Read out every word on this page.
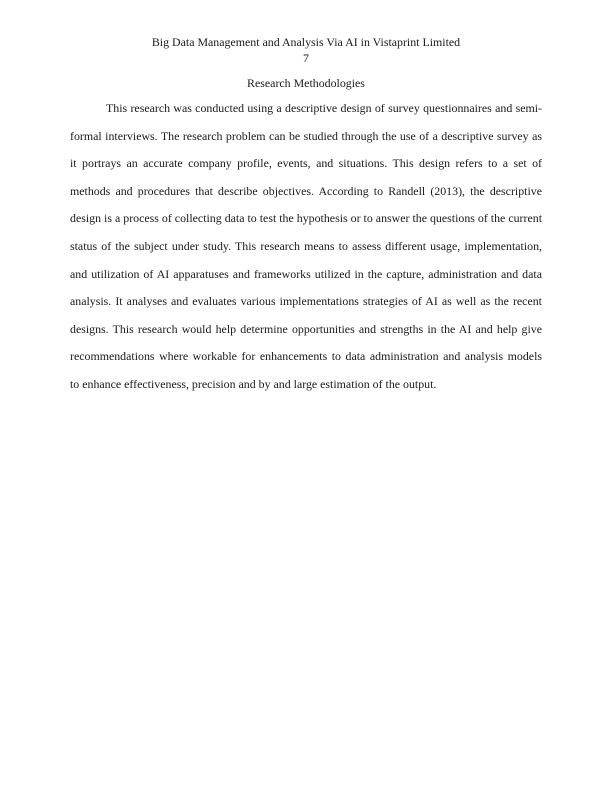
Big Data Management and Analysis Via AI in Vistaprint Limited
7
Research Methodologies
This research was conducted using a descriptive design of survey questionnaires and semi-
formal interviews. The research problem can be studied through the use of a descriptive survey as
it portrays an accurate company profile, events, and situations. This design refers to a set of
methods and procedures that describe objectives. According to Randell (2013), the descriptive
design is a process of collecting data to test the hypothesis or to answer the questions of the current
status of the subject under study. This research means to assess different usage, implementation,
and utilization of AI apparatuses and frameworks utilized in the capture, administration and data
analysis. It analyses and evaluates various implementations strategies of AI as well as the recent
designs. This research would help determine opportunities and strengths in the AI and help give
recommendations where workable for enhancements to data administration and analysis models
to enhance effectiveness, precision and by and large estimation of the output.
